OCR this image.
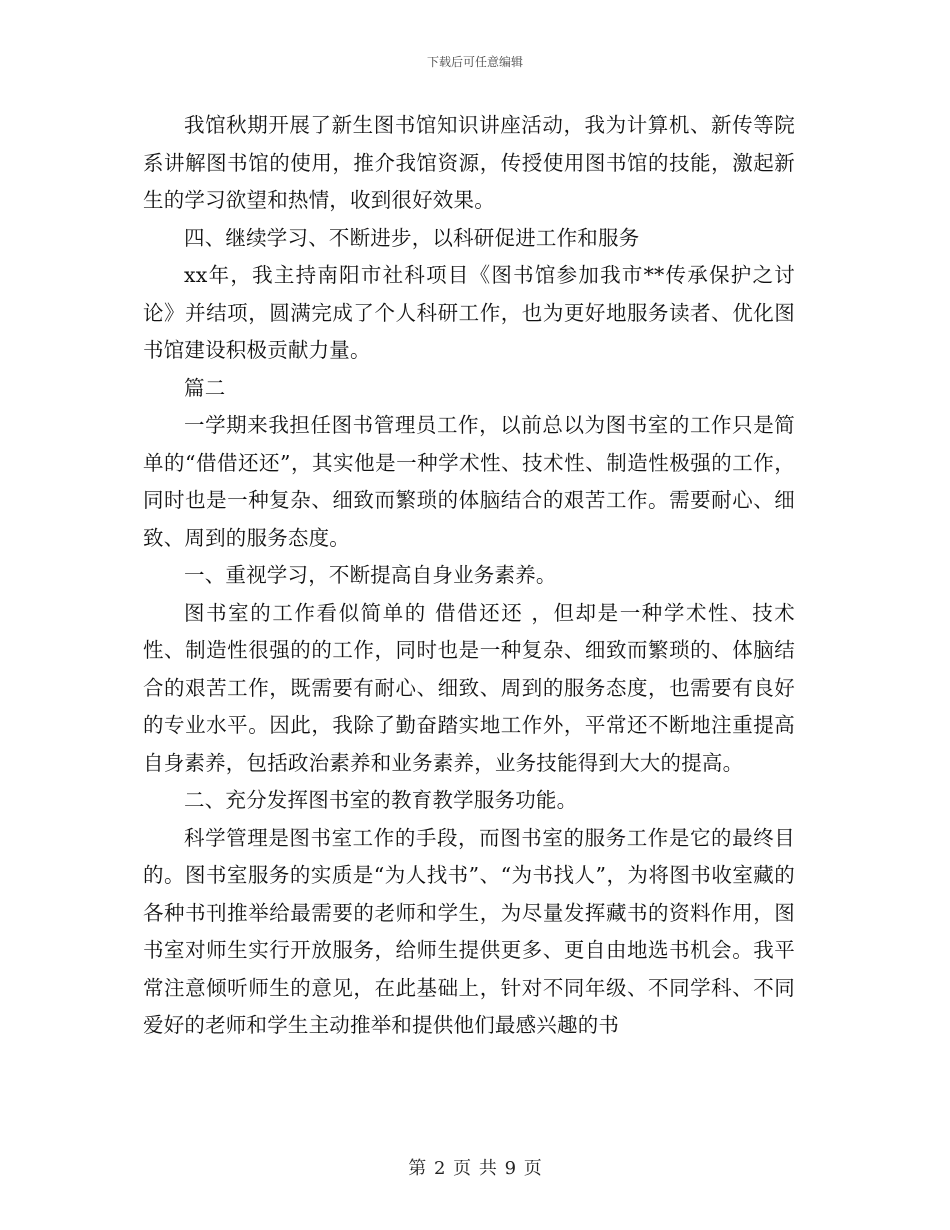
下载后可任意编辑

我馆秋期开展了新生图书馆知识讲座活动，我为计算机、新传等院系讲解图书馆的使用，推介我馆资源，传授使用图书馆的技能，激起新生的学习欲望和热情，收到很好效果。

四、继续学习、不断进步，以科研促进工作和服务

xx年，我主持南阳市社科项目《图书馆参加我市**传承保护之讨论》并结项，圆满完成了个人科研工作，也为更好地服务读者、优化图书馆建设积极贡献力量。

篇二

一学期来我担任图书管理员工作，以前总以为图书室的工作只是简单的“借借还还”，其实他是一种学术性、技术性、制造性极强的工作，同时也是一种复杂、细致而繁琐的体脑结合的艰苦工作。需要耐心、细致、周到的服务态度。

一、重视学习，不断提高自身业务素养。

图书室的工作看似简单的 借借还还 ，但却是一种学术性、技术性、制造性很强的的工作，同时也是一种复杂、细致而繁琐的、体脑结合的艰苦工作，既需要有耐心、细致、周到的服务态度，也需要有良好的专业水平。因此，我除了勤奋踏实地工作外，平常还不断地注重提高自身素养，包括政治素养和业务素养，业务技能得到大大的提高。

二、充分发挥图书室的教育教学服务功能。

科学管理是图书室工作的手段，而图书室的服务工作是它的最终目的。图书室服务的实质是“为人找书”、“为书找人”，为将图书收室藏的各种书刊推举给最需要的老师和学生，为尽量发挥藏书的资料作用，图书室对师生实行开放服务，给师生提供更多、更自由地选书机会。我平常注意倾听师生的意见，在此基础上，针对不同年级、不同学科、不同爱好的老师和学生主动推举和提供他们最感兴趣的书

第 2 页 共 9 页
